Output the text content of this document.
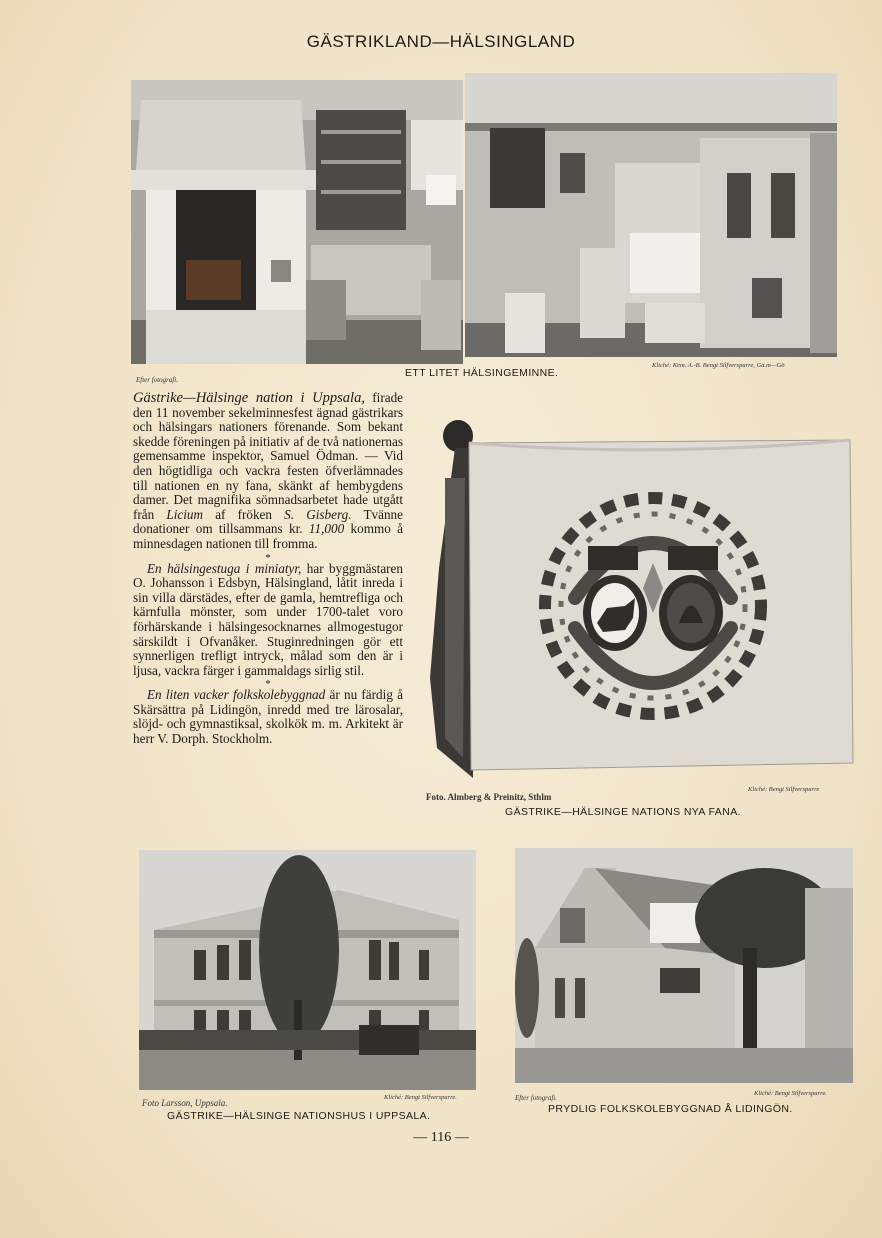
GÄSTRIKLAND—HÄLSINGLAND
Efter fotografi.
ETT LITET HÄLSINGEMINNE.
Kliché: Kem. A.-B. Bengt Silfversparre, Ga.m—Gö

Gästrike—Hälsinge nation i Uppsala, firade den 11 november sekelminnesfest ägnad gästrikars och hälsingars nationers förenande. Som bekant skedde föreningen på initiativ af de två nationernas gemensamme inspektor, Samuel Ödman. — Vid den högtidliga och vackra festen öfverlämnades till nationen en ny fana, skänkt af hembygdens damer. Det magnifika sömnadsarbetet hade utgått från Licium af fröken S. Gisberg. Tvänne donationer om tillsammans kr. 11,000 kommo å minnesdagen nationen till fromma.

*

En hälsingestuga i miniatyr, har byggmästaren O. Johansson i Edsbyn, Hälsingland, låtit inreda i sin villa därstädes, efter de gamla, hemtrefliga och kärnfulla mönster, som under 1700-talet voro förhärskande i hälsingesocknarnes allmogestugor särskildt i Ofvanåker. Stuginredningen gör ett synnerligen trefligt intryck, målad som den är i ljusa, vackra färger i gammaldags sirlig stil.

*

En liten vacker folkskolebyggnad är nu färdig å Skärsättra på Lidingön, inredd med tre lärosalar, slöjd- och gymnastiksal, skolkök m. m. Arkitekt är herr V. Dorph. Stockholm.

Foto. Almberg & Preinitz, Sthlm
Kliché: Bengt Silfversparre
GÄSTRIKE—HÄLSINGE NATIONS NYA FANA.
Foto Larsson, Uppsala.
Kliché: Bengt Silfversparre.
GÄSTRIKE—HÄLSINGE NATIONSHUS I UPPSALA.
Efter fotografi.
Kliché: Bengt Silfversparre.
PRYDLIG FOLKSKOLEBYGGNAD Å LIDINGÖN.
— 116 —
